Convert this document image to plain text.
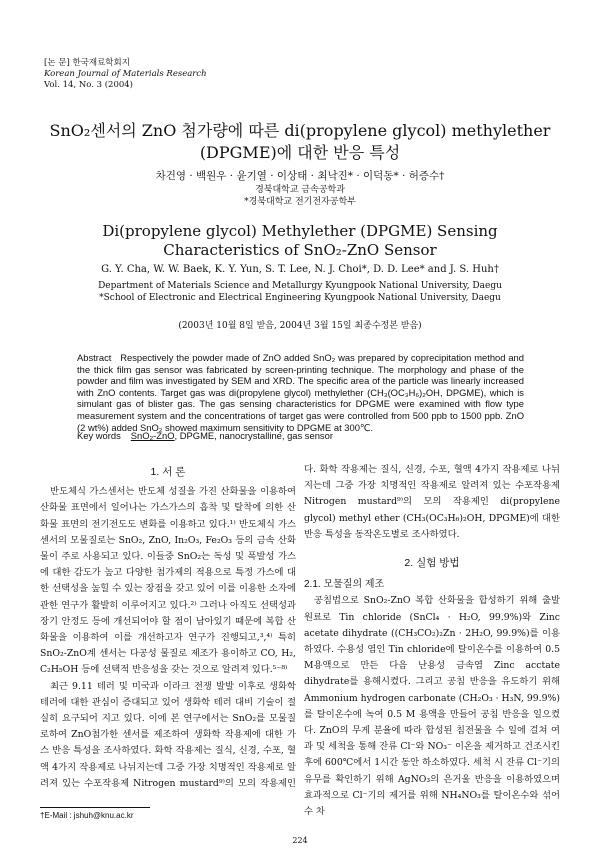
[논 문] 한국재료학회지
Korean Journal of Materials Research
Vol. 14, No. 3 (2004)
SnO₂센서의 ZnO 첨가량에 따른 di(propylene glycol) methylether
(DPGME)에 대한 반응 특성
차건영 · 백원우 · 윤기열 · 이상태 · 최낙진* · 이덕동* · 허증수†
경북대학교 금속공학과
*경북대학교 전기전자공학부
Di(propylene glycol) Methylether (DPGME) Sensing
Characteristics of SnO₂-ZnO Sensor
G. Y. Cha, W. W. Baek, K. Y. Yun, S. T. Lee, N. J. Choi*, D. D. Lee* and J. S. Huh†
Department of Materials Science and Metallurgy Kyungpook National University, Daegu
*School of Electronic and Electrical Engineering Kyungpook National University, Daegu
(2003년 10월 8일 받음, 2004년 3월 15일 최종수정본 받음)
Abstract Respectively the powder made of ZnO added SnO₂ was prepared by coprecipitation method and the thick film gas sensor was fabricated by screen-printing technique. The morphology and phase of the powder and film was investigated by SEM and XRD. The specific area of the particle was linearly increased with ZnO contents. Target gas was di(propylene glycol) methylether (CH₃(OC₃H₆)₂OH, DPGME), which is simulant gas of blister gas. The gas sensing characteristics for DPGME were examined with flow type measurement system and the concentrations of target gas were controlled from 500 ppb to 1500 ppb. ZnO (2 wt%) added SnO₂ showed maximum sensitivity to DPGME at 300℃.
Key words SnO₂-ZnO, DPGME, nanocrystalline, gas sensor
1. 서 론

반도체식 가스센서는 반도체 성질을 가진 산화물을 이용하여 산화물 표면에서 일어나는 가스가스의 흡착 및 탈착에 의한 산화물 표면의 전기전도도 변화를 이용하고 있다.¹⁾ 반도체식 가스센서의 모물질로는 SnO₂, ZnO, In₂O₃, Fe₂O₃ 등의 금속 산화물이 주로 사용되고 있다. 이들중 SnO₂는 독성 및 폭발성 가스에 대한 감도가 높고 다양한 첨가제의 적용으로 특정 가스에 대한 선택성을 높힐 수 있는 장점을 갖고 있어 이를 이용한 소자에 관한 연구가 활발히 이루어지고 있다.²⁾ 그러나 아직도 선택성과 장기 안정도 등에 개선되어야 할 점이 남아있기 때문에 복합 산화물을 이용하여 이를 개선하고자 연구가 진행되고,³,⁴⁾ 특히 SnO₂-ZnO계 센서는 다공성 물질로 제조가 용이하고 CO, H₂, C₂H₅OH 등에 선택적 반응성을 갖는 것으로 알려져 있다.⁵⁻⁸⁾

최근 9.11 테러 및 미국과 이라크 전쟁 발발 이후로 생화학 테러에 대한 관심이 증대되고 있어 생화학 테러 대비 기술이 절실히 요구되어 지고 있다. 이에 본 연구에서는 SnO₂를 모물질로하여 ZnO첨가한 센서를 제조하여 생화학 작용제에 대한 가스 반응 특성을 조사하였다. 화학 작용제는 질식, 신경, 수포, 혈액 4가지 작용제로 나뉘지는데 그중 가장 치명적인 작용제로 알려져 있는 수포작용제 Nitrogen mustard⁹⁾의 모의 작용제인

다. 화학 작용제는 질식, 신경, 수포, 혈액 4가지 작용제로 나뉘지는데 그중 가장 치명적인 작용제로 알려져 있는 수포작용제 Nitrogen mustard⁹⁾의 모의 작용제인 di(propylene glycol) methyl ether (CH₃(OC₃H₆)₂OH, DPGME)에 대한 반응 특성을 동작온도별로 조사하였다.

2. 실험 방법
2.1. 모물질의 제조

공침법으로 SnO₂-ZnO 복합 산화물을 합성하기 위해 출발 원료로 Tin chloride (SnCl₄ · H₂O, 99.9%)와 Zinc acetate dihydrate ((CH₃CO₂)₂Zn · 2H₂O, 99.9%)를 이용하였다. 수용성 염인 Tin chloride에 탈이온수를 이용하여 0.5 M용액으로 만든 다음 난용성 금속염 Zinc acctate dihydrate를 용해시켰다. 그리고 공침 반응을 유도하기 위해 Ammonium hydrogen carbonate (CH₂O₃ · H₃N, 99.9%)를 탈이온수에 녹여 0.5 M 용액을 만들어 공침 반응을 일으켰다. ZnO의 무게 분율에 따라 합성된 침전물을 수 일에 걸쳐 여과 및 세척을 통해 잔류 Cl⁻와 NO₃⁻ 이온을 제거하고 건조시킨 후에 600℃에서 1시간 동안 하소하였다. 세척 시 잔류 Cl⁻기의 유무를 확인하기 위해 AgNO₃의 은거울 반응을 이용하였으며 효과적으로 Cl⁻기의 제거를 위해 NH₄NO₃를 탈이온수와 섞어 수 차

†E-Mail : jshuh@knu.ac.kr
224
